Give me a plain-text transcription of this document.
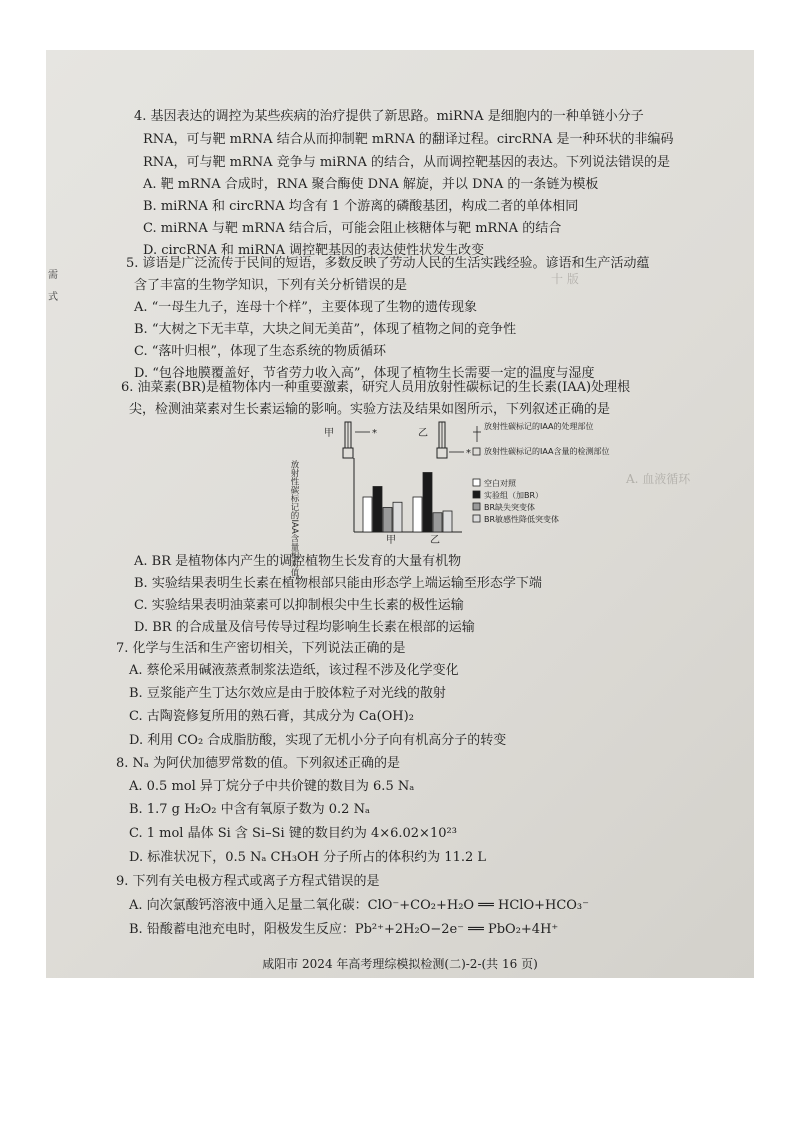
十 版
A. 血液循环
需
式
4. 基因表达的调控为某些疾病的治疗提供了新思路。miRNA 是细胞内的一种单链小分子
RNA，可与靶 mRNA 结合从而抑制靶 mRNA 的翻译过程。circRNA 是一种环状的非编码
RNA，可与靶 mRNA 竞争与 miRNA 的结合，从而调控靶基因的表达。下列说法错误的是
A. 靶 mRNA 合成时，RNA 聚合酶使 DNA 解旋，并以 DNA 的一条链为模板
B. miRNA 和 circRNA 均含有 1 个游离的磷酸基团，构成二者的单体相同
C. miRNA 与靶 mRNA 结合后，可能会阻止核糖体与靶 mRNA 的结合
D. circRNA 和 miRNA 调控靶基因的表达使性状发生改变
5. 谚语是广泛流传于民间的短语，多数反映了劳动人民的生活实践经验。谚语和生产活动蕴
含了丰富的生物学知识，下列有关分析错误的是
A. “一母生九子，连母十个样”，主要体现了生物的遗传现象
B. “大树之下无丰草，大块之间无美苗”，体现了植物之间的竞争性
C. “落叶归根”，体现了生态系统的物质循环
D. “包谷地膜覆盖好，节省劳力收入高”，体现了植物生长需要一定的温度与湿度
6. 油菜素(BR)是植物体内一种重要激素，研究人员用放射性碳标记的生长素(IAA)处理根
尖，检测油菜素对生长素运输的影响。实验方法及结果如图所示，下列叙述正确的是
甲	*	乙
*
放射性碳标记的IAA含量相对值	甲	乙
放射性碳标记的IAA的处理部位
放射性碳标记的IAA含量的检测部位
空白对照
实验组（加BR）
BR缺失突变体
BR敏感性降低突变体
A. BR 是植物体内产生的调控植物生长发育的大量有机物
B. 实验结果表明生长素在植物根部只能由形态学上端运输至形态学下端
C. 实验结果表明油菜素可以抑制根尖中生长素的极性运输
D. BR 的合成量及信号传导过程均影响生长素在根部的运输
7. 化学与生活和生产密切相关，下列说法正确的是
A. 蔡伦采用碱液蒸煮制浆法造纸，该过程不涉及化学变化
B. 豆浆能产生丁达尔效应是由于胶体粒子对光线的散射
C. 古陶瓷修复所用的熟石膏，其成分为 Ca(OH)₂
D. 利用 CO₂ 合成脂肪酸，实现了无机小分子向有机高分子的转变
8. Nₐ 为阿伏加德罗常数的值。下列叙述正确的是
A. 0.5 mol 异丁烷分子中共价键的数目为 6.5 Nₐ
B. 1.7 g H₂O₂ 中含有氧原子数为 0.2 Nₐ
C. 1 mol 晶体 Si 含 Si–Si 键的数目约为 4×6.02×10²³
D. 标准状况下，0.5 Nₐ CH₃OH 分子所占的体积约为 11.2 L
9. 下列有关电极方程式或离子方程式错误的是
A. 向次氯酸钙溶液中通入足量二氧化碳：ClO⁻+CO₂+H₂O ══ HClO+HCO₃⁻
B. 铅酸蓄电池充电时，阳极发生反应：Pb²⁺+2H₂O−2e⁻ ══ PbO₂+4H⁺
咸阳市 2024 年高考理综模拟检测(二)-2-(共 16 页)
